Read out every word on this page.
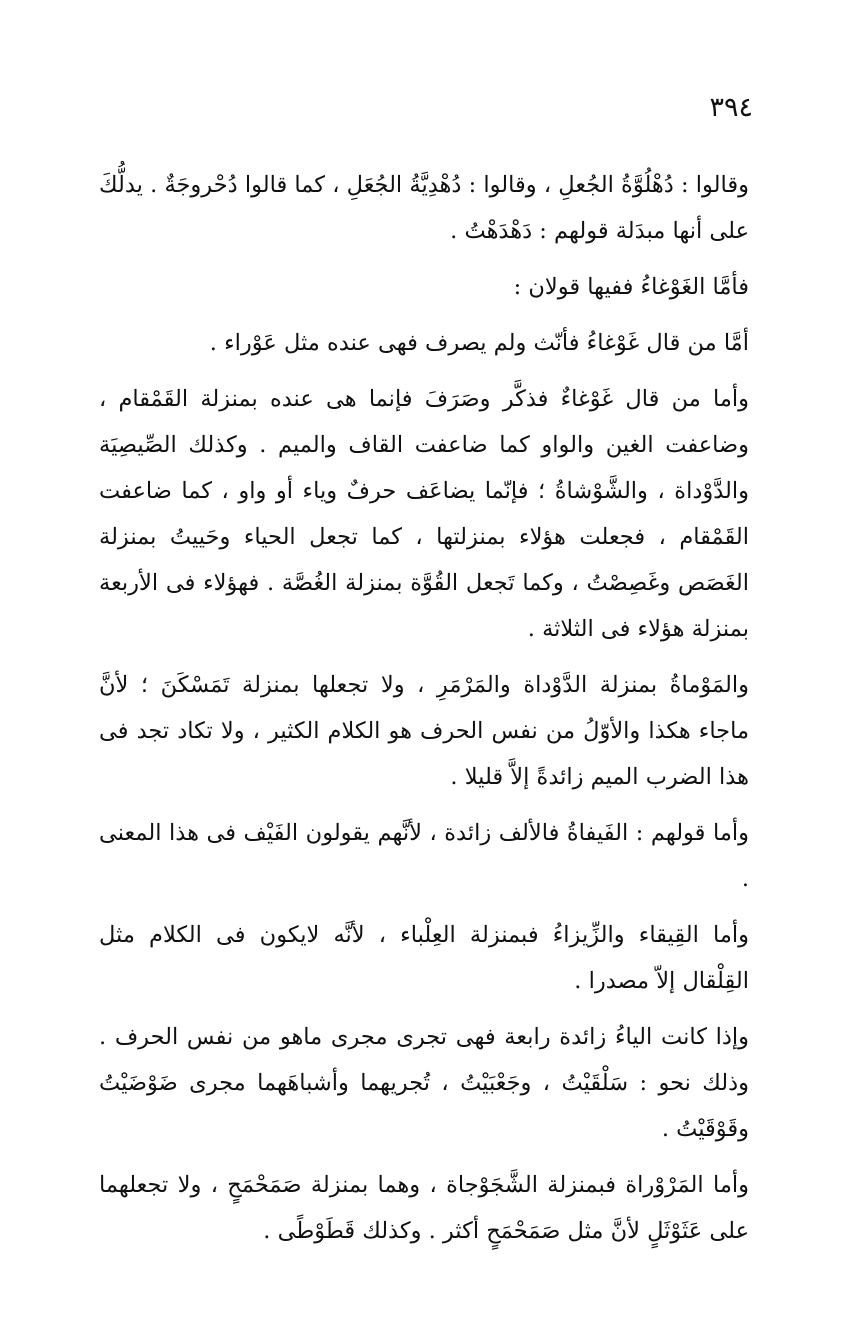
٣٩٤

وقالوا : دُهْلُوَّةُ الجُعلِ ، وقالوا : دُهْدِيَّةُ الجُعَلِ ، كما قالوا دُحْروجَةٌ . يدلُّكَ على أنها مبدَلة قولهم : دَهْدَهْتُ .

فأمَّا الغَوْغاءُ ففيها قولان :

أمَّا من قال غَوْغاءُ فأنّث ولم يصرف فهى عنده مثل عَوْراء .

وأما من قال غَوْغاءٌ فذكَّر وصَرَفَ فإنما هى عنده بمنزلة القَمْقام ، وضاعفت الغين والواو كما ضاعفت القاف والميم . وكذلك الصِّيصِيَة والدَّوْداة ، والشَّوْشاةُ ؛ فإنّما يضاعَف حرفٌ وياء أو واو ، كما ضاعفت القَمْقام ، فجعلت هؤلاء بمنزلتها ، كما تجعل الحياء وحَييتُ بمنزلة الغَصَص وغَصِصْتُ ، وكما تَجعل القُوَّة بمنزلة الغُصَّة . فهؤلاء فى الأربعة بمنزلة هؤلاء فى الثلاثة .

والمَوْماةُ بمنزلة الدَّوْداة والمَرْمَرِ ، ولا تجعلها بمنزلة تَمَسْكَنَ ؛ لأنَّ ماجاء هكذا والأوّلُ من نفس الحرف هو الكلام الكثير ، ولا تكاد تجد فى هذا الضرب الميم زائدةً إلاَّ قليلا .

وأما قولهم : الفَيفاةُ فالألف زائدة ، لأنَّهم يقولون الفَيْف فى هذا المعنى .

وأما القِيقاء والزِّيزاءُ فبمنزلة العِلْباء ، لأنَّه لايكون فى الكلام مثل القِلْقال إلاّ مصدرا .

وإذا كانت الياءُ زائدة رابعة فهى تجرى مجرى ماهو من نفس الحرف . وذلك نحو : سَلْقَيْتُ ، وجَعْبَيْتُ ، تُجريهما وأشباهَهما مجرى ضَوْضَيْتُ وقَوْقَيْتُ .

وأما المَرْوْراة فبمنزلة الشَّجَوْجاة ، وهما بمنزلة صَمَحْمَحٍ ، ولا تجعلهما على عَثَوْثَلٍ لأنَّ مثل صَمَحْمَحٍ أكثر . وكذلك قَطَوْطًى .
